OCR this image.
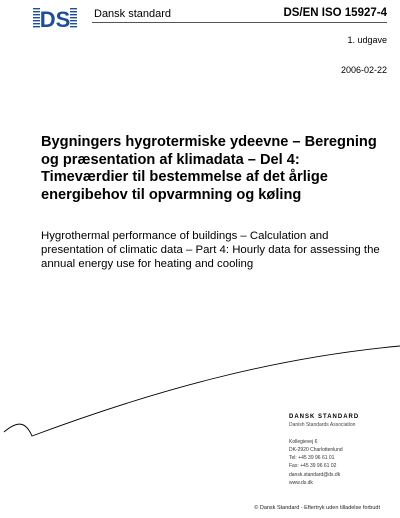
DS Dansk standard	DS/EN ISO 15927-4
1. udgave
2006-02-22
Bygningers hygrotermiske ydeevne – Beregning og præsentation af klimadata – Del 4: Timeværdier til bestemmelse af det årlige energibehov til opvarmning og køling

Hygrothermal performance of buildings – Calculation and presentation of climatic data – Part 4: Hourly data for assessing the annual energy use for heating and cooling

DANSK STANDARD
Danish Standards Association
Kollegievej 6
DK-2920 Charlottenlund
Tel: +45 39 96 61 01
Fax: +45 39 96 61 02
dansk.standard@ds.dk
www.ds.dk
© Dansk Standard - Eftertryk uden tilladelse forbudt
